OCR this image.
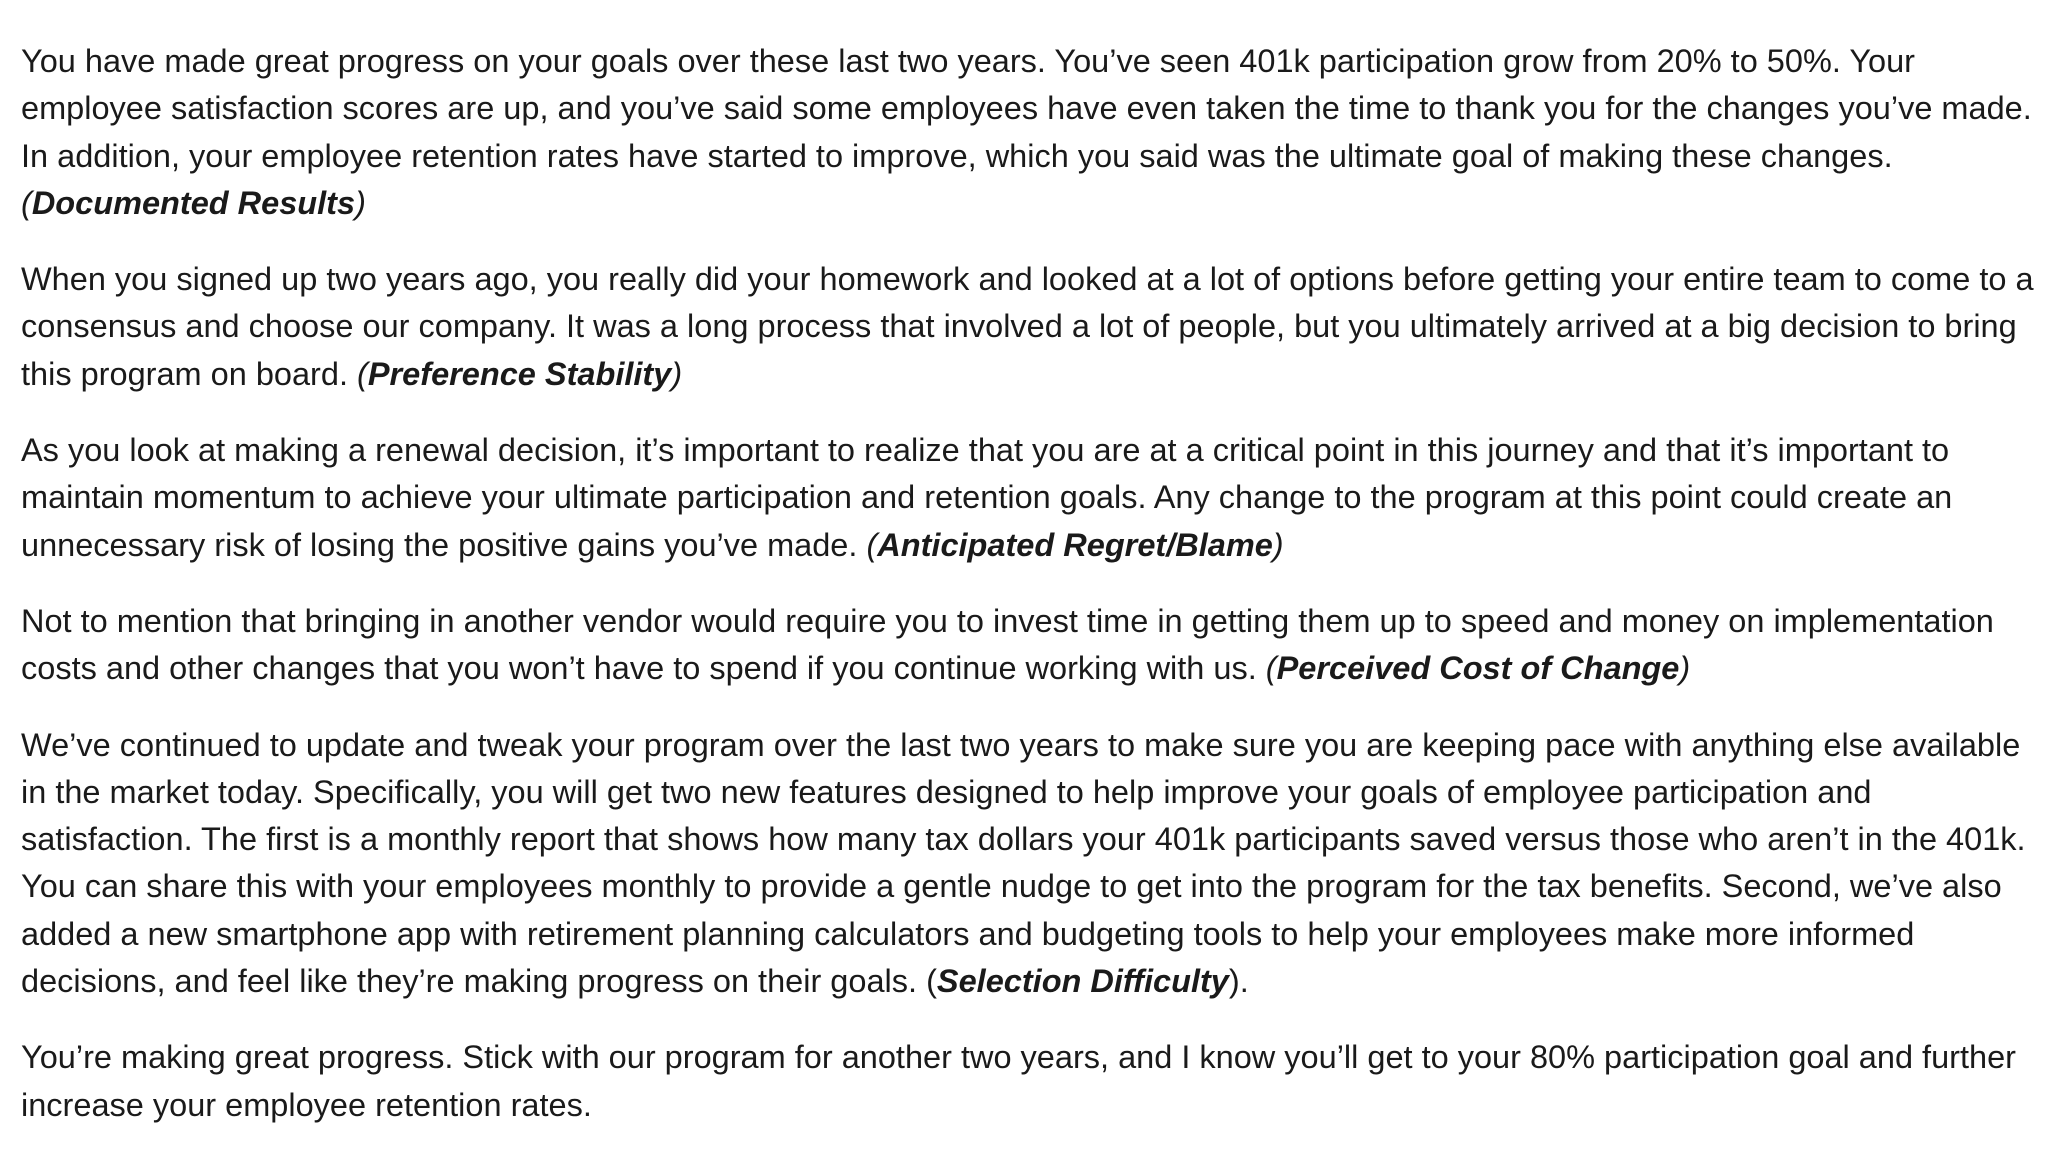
You have made great progress on your goals over these last two years. You’ve seen 401k participation grow from 20% to 50%. Your employee satisfaction scores are up, and you’ve said some employees have even taken the time to thank you for the changes you’ve made. In addition, your employee retention rates have started to improve, which you said was the ultimate goal of making these changes. (Documented Results)

When you signed up two years ago, you really did your homework and looked at a lot of options before getting your entire team to come to a consensus and choose our company. It was a long process that involved a lot of people, but you ultimately arrived at a big decision to bring this program on board. (Preference Stability)

As you look at making a renewal decision, it’s important to realize that you are at a critical point in this journey and that it’s important to maintain momentum to achieve your ultimate participation and retention goals. Any change to the program at this point could create an unnecessary risk of losing the positive gains you’ve made. (Anticipated Regret/Blame)

Not to mention that bringing in another vendor would require you to invest time in getting them up to speed and money on implementation costs and other changes that you won’t have to spend if you continue working with us. (Perceived Cost of Change)

We’ve continued to update and tweak your program over the last two years to make sure you are keeping pace with anything else available in the market today. Specifically, you will get two new features designed to help improve your goals of employee participation and satisfaction. The first is a monthly report that shows how many tax dollars your 401k participants saved versus those who aren’t in the 401k. You can share this with your employees monthly to provide a gentle nudge to get into the program for the tax benefits. Second, we’ve also added a new smartphone app with retirement planning calculators and budgeting tools to help your employees make more informed decisions, and feel like they’re making progress on their goals. (Selection Difficulty).

You’re making great progress. Stick with our program for another two years, and I know you’ll get to your 80% participation goal and further increase your employee retention rates.
